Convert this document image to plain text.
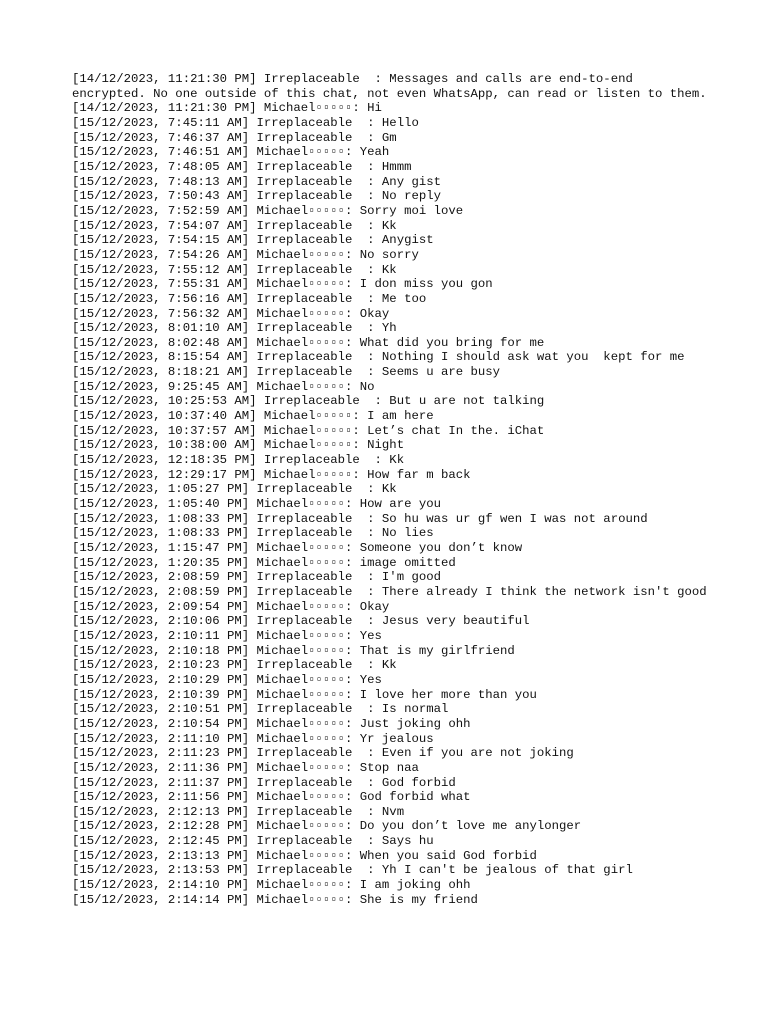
[14/12/2023, 11:21:30 PM] Irreplaceable  : Messages and calls are end-to-end encrypted. No one outside of this chat, not even WhatsApp, can read or listen to them.
[14/12/2023, 11:21:30 PM] Michael▫▫▫▫▫: Hi
[15/12/2023, 7:45:11 AM] Irreplaceable  : Hello
[15/12/2023, 7:46:37 AM] Irreplaceable  : Gm
[15/12/2023, 7:46:51 AM] Michael▫▫▫▫▫: Yeah
[15/12/2023, 7:48:05 AM] Irreplaceable  : Hmmm
[15/12/2023, 7:48:13 AM] Irreplaceable  : Any gist
[15/12/2023, 7:50:43 AM] Irreplaceable  : No reply
[15/12/2023, 7:52:59 AM] Michael▫▫▫▫▫: Sorry moi love
[15/12/2023, 7:54:07 AM] Irreplaceable  : Kk
[15/12/2023, 7:54:15 AM] Irreplaceable  : Anygist
[15/12/2023, 7:54:26 AM] Michael▫▫▫▫▫: No sorry
[15/12/2023, 7:55:12 AM] Irreplaceable  : Kk
[15/12/2023, 7:55:31 AM] Michael▫▫▫▫▫: I don miss you gon
[15/12/2023, 7:56:16 AM] Irreplaceable  : Me too
[15/12/2023, 7:56:32 AM] Michael▫▫▫▫▫: Okay
[15/12/2023, 8:01:10 AM] Irreplaceable  : Yh
[15/12/2023, 8:02:48 AM] Michael▫▫▫▫▫: What did you bring for me
[15/12/2023, 8:15:54 AM] Irreplaceable  : Nothing I should ask wat you  kept for me
[15/12/2023, 8:18:21 AM] Irreplaceable  : Seems u are busy
[15/12/2023, 9:25:45 AM] Michael▫▫▫▫▫: No
[15/12/2023, 10:25:53 AM] Irreplaceable  : But u are not talking
[15/12/2023, 10:37:40 AM] Michael▫▫▫▫▫: I am here
[15/12/2023, 10:37:57 AM] Michael▫▫▫▫▫: Let’s chat In the. iChat
[15/12/2023, 10:38:00 AM] Michael▫▫▫▫▫: Night
[15/12/2023, 12:18:35 PM] Irreplaceable  : Kk
[15/12/2023, 12:29:17 PM] Michael▫▫▫▫▫: How far m back
[15/12/2023, 1:05:27 PM] Irreplaceable  : Kk
[15/12/2023, 1:05:40 PM] Michael▫▫▫▫▫: How are you
[15/12/2023, 1:08:33 PM] Irreplaceable  : So hu was ur gf wen I was not around
[15/12/2023, 1:08:33 PM] Irreplaceable  : No lies
[15/12/2023, 1:15:47 PM] Michael▫▫▫▫▫: Someone you don’t know
[15/12/2023, 1:20:35 PM] Michael▫▫▫▫▫: image omitted
[15/12/2023, 2:08:59 PM] Irreplaceable  : I'm good
[15/12/2023, 2:08:59 PM] Irreplaceable  : There already I think the network isn't good
[15/12/2023, 2:09:54 PM] Michael▫▫▫▫▫: Okay
[15/12/2023, 2:10:06 PM] Irreplaceable  : Jesus very beautiful
[15/12/2023, 2:10:11 PM] Michael▫▫▫▫▫: Yes
[15/12/2023, 2:10:18 PM] Michael▫▫▫▫▫: That is my girlfriend
[15/12/2023, 2:10:23 PM] Irreplaceable  : Kk
[15/12/2023, 2:10:29 PM] Michael▫▫▫▫▫: Yes
[15/12/2023, 2:10:39 PM] Michael▫▫▫▫▫: I love her more than you
[15/12/2023, 2:10:51 PM] Irreplaceable  : Is normal
[15/12/2023, 2:10:54 PM] Michael▫▫▫▫▫: Just joking ohh
[15/12/2023, 2:11:10 PM] Michael▫▫▫▫▫: Yr jealous
[15/12/2023, 2:11:23 PM] Irreplaceable  : Even if you are not joking
[15/12/2023, 2:11:36 PM] Michael▫▫▫▫▫: Stop naa
[15/12/2023, 2:11:37 PM] Irreplaceable  : God forbid
[15/12/2023, 2:11:56 PM] Michael▫▫▫▫▫: God forbid what
[15/12/2023, 2:12:13 PM] Irreplaceable  : Nvm
[15/12/2023, 2:12:28 PM] Michael▫▫▫▫▫: Do you don’t love me anylonger
[15/12/2023, 2:12:45 PM] Irreplaceable  : Says hu
[15/12/2023, 2:13:13 PM] Michael▫▫▫▫▫: When you said God forbid
[15/12/2023, 2:13:53 PM] Irreplaceable  : Yh I can't be jealous of that girl
[15/12/2023, 2:14:10 PM] Michael▫▫▫▫▫: I am joking ohh
[15/12/2023, 2:14:14 PM] Michael▫▫▫▫▫: She is my friend
